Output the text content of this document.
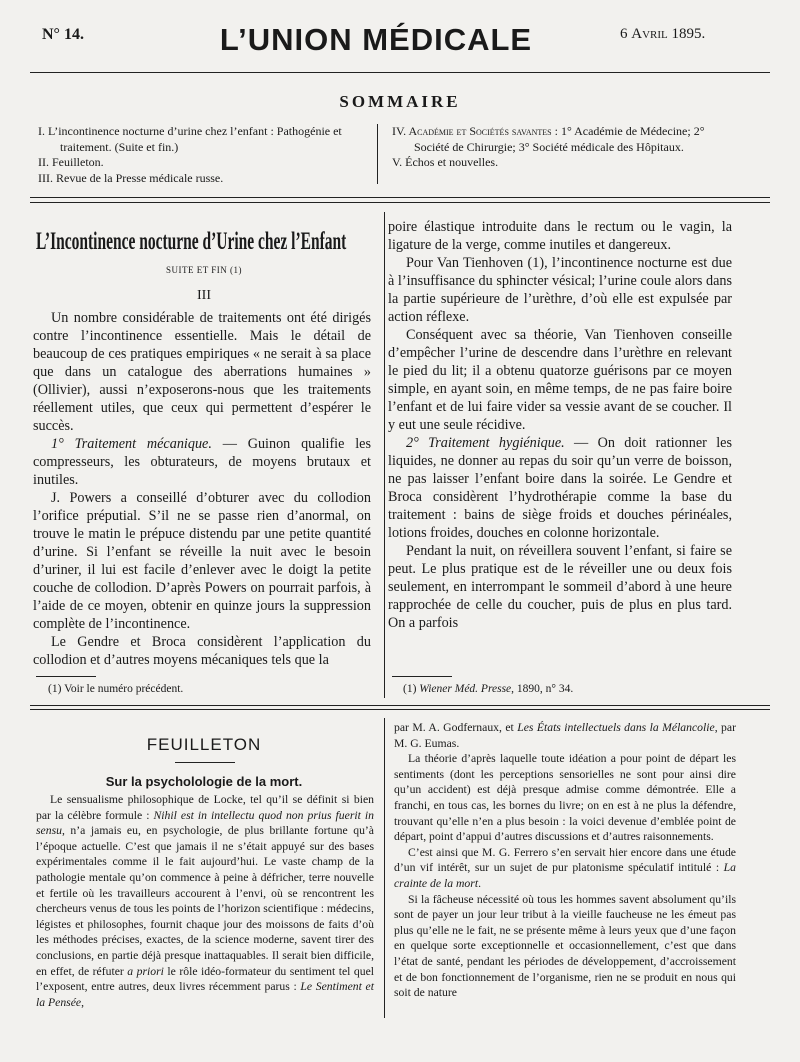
N° 14.	L’UNION MÉDICALE	6 Avril 1895.
SOMMAIRE

I. L’incontinence nocturne d’urine chez l’enfant : Pathogénie et traitement. (Suite et fin.)

II. Feuilleton.

III. Revue de la Presse médicale russe.

IV. Académie et Sociétés savantes : 1° Académie de Médecine; 2° Société de Chirurgie; 3° Société médicale des Hôpitaux.

V. Échos et nouvelles.

L’Incontinence nocturne d’Urine chez l’Enfant
SUITE ET FIN (1)
III

Un nombre considérable de traitements ont été dirigés contre l’incontinence essentielle. Mais le détail de beaucoup de ces pratiques empiriques « ne serait à sa place que dans un catalogue des aberrations humaines » (Ollivier), aussi n’exposerons-nous que les traitements réellement utiles, que ceux qui permettent d’espérer le succès.

1° Traitement mécanique. — Guinon qualifie les compresseurs, les obturateurs, de moyens brutaux et inutiles.

J. Powers a conseillé d’obturer avec du collodion l’orifice préputial. S’il ne se passe rien d’anormal, on trouve le matin le prépuce distendu par une petite quantité d’urine. Si l’enfant se réveille la nuit avec le besoin d’uriner, il lui est facile d’enlever avec le doigt la petite couche de collodion. D’après Powers on pourrait parfois, à l’aide de ce moyen, obtenir en quinze jours la suppression complète de l’incontinence.

Le Gendre et Broca considèrent l’application du collodion et d’autres moyens mécaniques tels que la

(1) Voir le numéro précédent.

poire élastique introduite dans le rectum ou le vagin, la ligature de la verge, comme inutiles et dangereux.

Pour Van Tienhoven (1), l’incontinence nocturne est due à l’insuffisance du sphincter vésical; l’urine coule alors dans la partie supérieure de l’urèthre, d’où elle est expulsée par action réflexe.

Conséquent avec sa théorie, Van Tienhoven conseille d’empêcher l’urine de descendre dans l’urèthre en relevant le pied du lit; il a obtenu quatorze guérisons par ce moyen simple, en ayant soin, en même temps, de ne pas faire boire l’enfant et de lui faire vider sa vessie avant de se coucher. Il y eut une seule récidive.

2° Traitement hygiénique. — On doit rationner les liquides, ne donner au repas du soir qu’un verre de boisson, ne pas laisser l’enfant boire dans la soirée. Le Gendre et Broca considèrent l’hydrothérapie comme la base du traitement : bains de siège froids et douches périnéales, lotions froides, douches en colonne horizontale.

Pendant la nuit, on réveillera souvent l’enfant, si faire se peut. Le plus pratique est de le réveiller une ou deux fois seulement, en interrompant le sommeil d’abord à une heure rapprochée de celle du coucher, puis de plus en plus tard. On a parfois

(1) Wiener Méd. Presse, 1890, n° 34.
FEUILLETON
Sur la psycholologie de la mort.

Le sensualisme philosophique de Locke, tel qu’il se définit si bien par la célèbre formule : Nihil est in intellectu quod non prius fuerit in sensu, n’a jamais eu, en psychologie, de plus brillante fortune qu’à l’époque actuelle. C’est que jamais il ne s’était appuyé sur des bases expérimentales comme il le fait aujourd’hui. Le vaste champ de la pathologie mentale qu’on commence à peine à défricher, terre nouvelle et fertile où les travailleurs accourent à l’envi, où se rencontrent les chercheurs venus de tous les points de l’horizon scientifique : médecins, légistes et philosophes, fournit chaque jour des moissons de faits d’où les méthodes précises, exactes, de la science moderne, savent tirer des conclusions, en partie déjà presque inattaquables. Il serait bien difficile, en effet, de réfuter a priori le rôle idéo-formateur du sentiment tel quel l’exposent, entre autres, deux livres récemment parus : Le Sentiment et la Pensée,

par M. A. Godfernaux, et Les États intellectuels dans la Mélancolie, par M. G. Eumas.

La théorie d’après laquelle toute idéation a pour point de départ les sentiments (dont les perceptions sensorielles ne sont pour ainsi dire qu’un accident) est déjà presque admise comme démontrée. Elle a franchi, en tous cas, les bornes du livre; on en est à ne plus la défendre, trouvant qu’elle n’en a plus besoin : la voici devenue d’emblée point de départ, point d’appui d’autres discussions et d’autres raisonnements.

C’est ainsi que M. G. Ferrero s’en servait hier encore dans une étude d’un vif intérêt, sur un sujet de pur platonisme spéculatif intitulé : La crainte de la mort.

Si la fâcheuse nécessité où tous les hommes savent absolument qu’ils sont de payer un jour leur tribut à la vieille faucheuse ne les émeut pas plus qu’elle ne le fait, ne se présente même à leurs yeux que d’une façon en quelque sorte exceptionnelle et occasionnellement, c’est que dans l’état de santé, pendant les périodes de développement, d’accroissement et de bon fonctionnement de l’organisme, rien ne se produit en nous qui soit de nature
